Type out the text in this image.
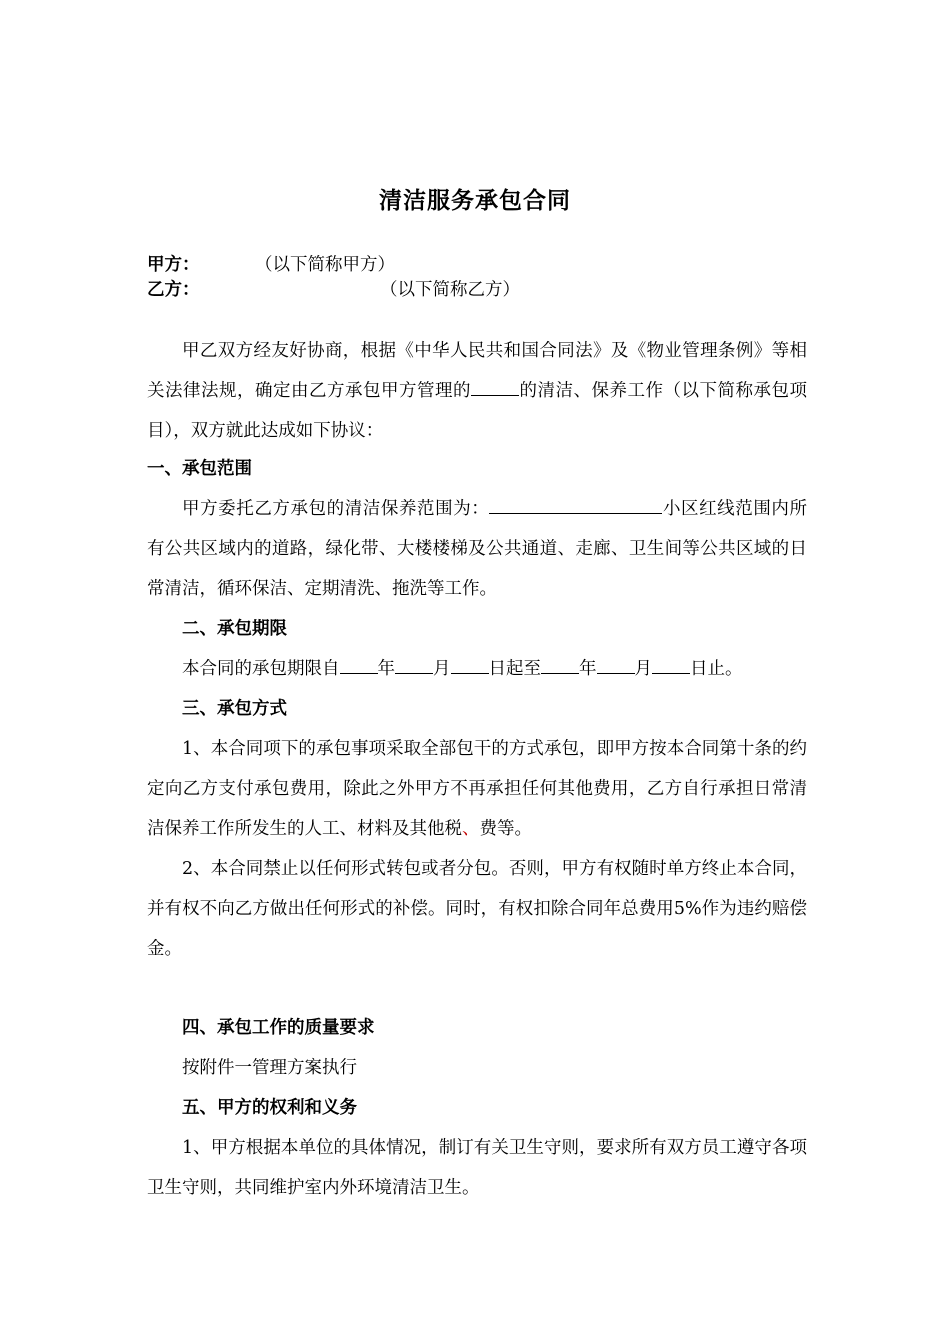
清洁服务承包合同
甲方：	（以下简称甲方）
乙方：	（以下简称乙方）
甲乙双方经友好协商，根据《中华人民共和国合同法》及《物业管理条例》等相关法律法规，确定由乙方承包甲方管理的	的清洁、保养工作（以下简称承包项目），双方就此达成如下协议：
一、承包范围
甲方委托乙方承包的清洁保养范围为：	小区红线范围内所有公共区域内的道路，绿化带、大楼楼梯及公共通道、走廊、卫生间等公共区域的日常清洁，循环保洁、定期清洗、拖洗等工作。
二、承包期限
本合同的承包期限自 年 月 日起至 年 月 日止。
三、承包方式
1、本合同项下的承包事项采取全部包干的方式承包，即甲方按本合同第十条的约定向乙方支付承包费用，除此之外甲方不再承担任何其他费用，乙方自行承担日常清洁保养工作所发生的人工、材料及其他税、费等。
2、本合同禁止以任何形式转包或者分包。否则，甲方有权随时单方终止本合同，并有权不向乙方做出任何形式的补偿。同时，有权扣除合同年总费用5%作为违约赔偿金。
四、承包工作的质量要求
按附件一管理方案执行
五、甲方的权利和义务
1、甲方根据本单位的具体情况，制订有关卫生守则，要求所有双方员工遵守各项卫生守则，共同维护室内外环境清洁卫生。
